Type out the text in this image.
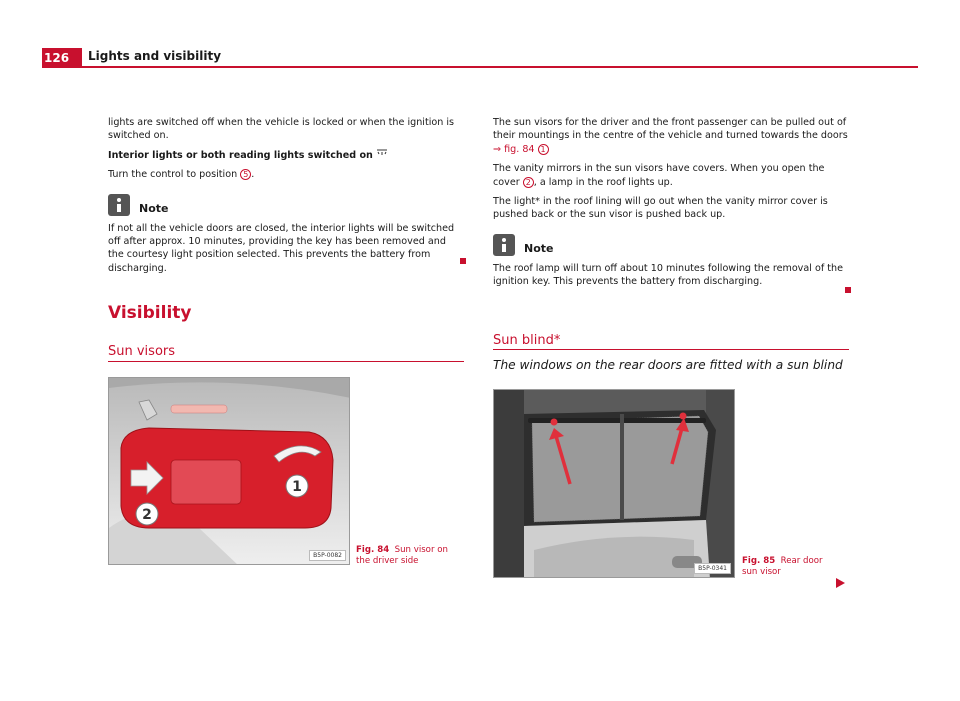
126	Lights and visibility

lights are switched off when the vehicle is locked or when the ignition is switched on.

Interior lights or both reading lights switched on

Turn the control to position 5 .

Note

If not all the vehicle doors are closed, the interior lights will be switched off after approx. 10 minutes, providing the key has been removed and the courtesy light position selected. This prevents the battery from discharging.

Visibility
Sun visors
1
2
B5P-0082
Fig. 84 Sun visor on the driver side

The sun visors for the driver and the front passenger can be pulled out of their mountings in the centre of the vehicle and turned towards the doors ⇒ fig. 84 1

The vanity mirrors in the sun visors have covers. When you open the cover 2 , a lamp in the roof lights up.

The light* in the roof lining will go out when the vanity mirror cover is pushed back or the sun visor is pushed back up.

Note

The roof lamp will turn off about 10 minutes following the removal of the ignition key. This prevents the battery from discharging.

Sun blind*
The windows on the rear doors are fitted with a sun blind
B5P-0341
Fig. 85 Rear door sun visor
